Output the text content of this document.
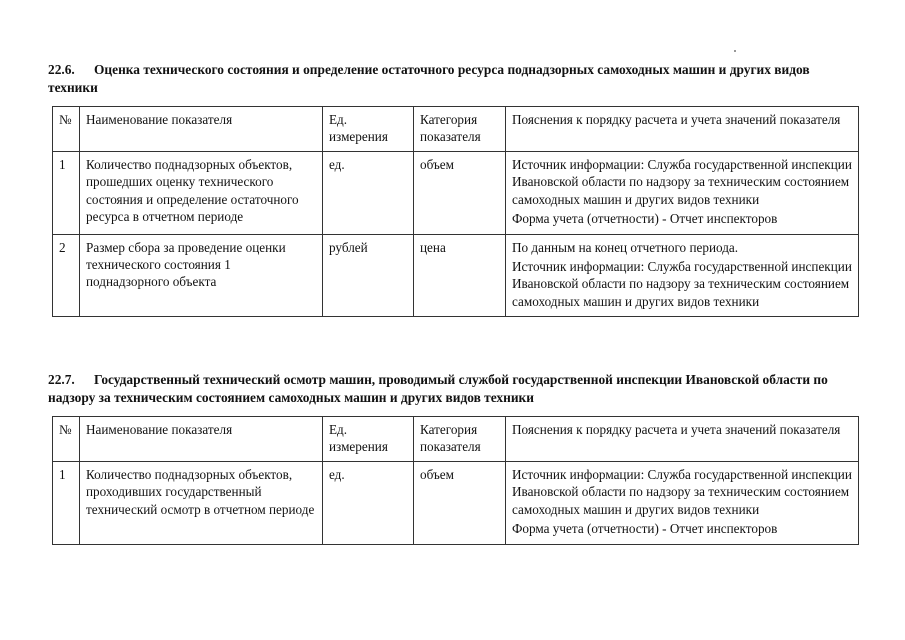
22.6. Оценка технического состояния и определение остаточного ресурса поднадзорных самоходных машин и других видов техники
№	Наименование показателя	Ед. измерения	Категория показателя	Пояснения к порядку расчета и учета значений показателя
1	Количество поднадзорных объектов, прошедших оценку технического состояния и определение остаточного ресурса в отчетном периоде	ед.	объем	Источник информации: Служба государственной инспекции Ивановской области по надзору за техническим состоянием самоходных машин и других видов техники
Форма учета (отчетности) - Отчет инспекторов

2	Размер сбора за проведение оценки технического состояния 1 поднадзорного объекта	рублей	цена	По данным на конец отчетного периода.
Источник информации: Служба государственной инспекции Ивановской области по надзору за техническим состоянием самоходных машин и других видов техники
22.7. Государственный технический осмотр машин, проводимый службой государственной инспекции Ивановской области по надзору за техническим состоянием самоходных машин и других видов техники
№	Наименование показателя	Ед. измерения	Категория показателя	Пояснения к порядку расчета и учета значений показателя
1	Количество поднадзорных объектов, проходивших государственный технический осмотр в отчетном периоде	ед.	объем	Источник информации: Служба государственной инспекции Ивановской области по надзору за техническим состоянием самоходных машин и других видов техники
Форма учета (отчетности) - Отчет инспекторов
